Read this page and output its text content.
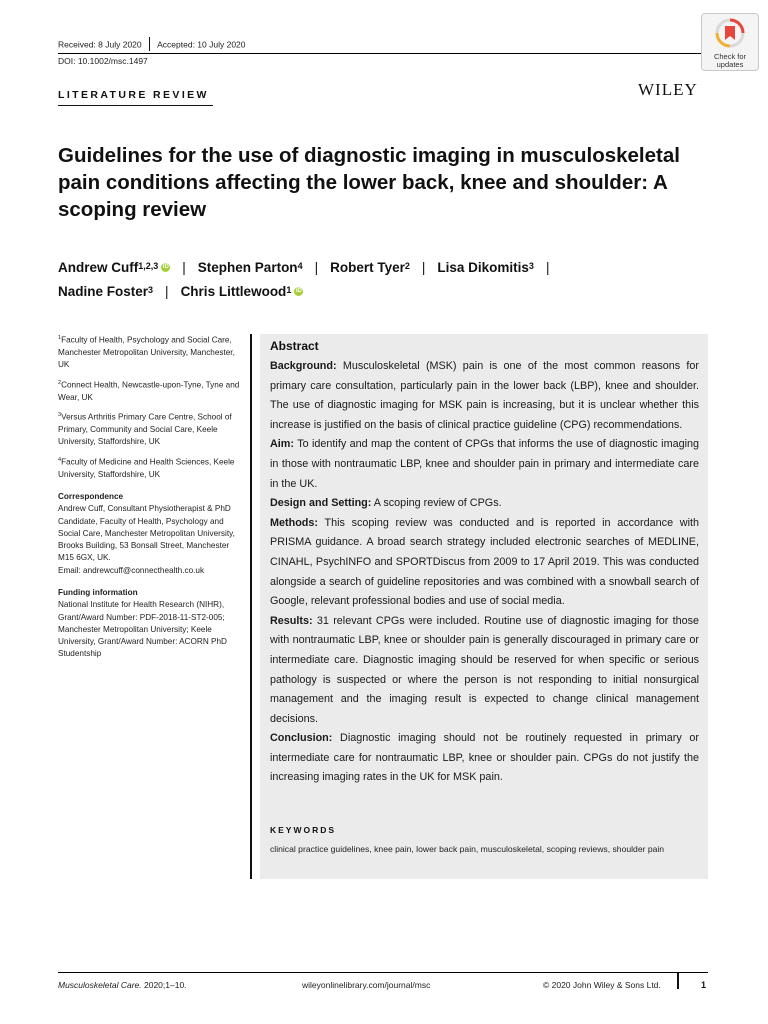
Received: 8 July 2020 Accepted: 10 July 2020
DOI: 10.1002/msc.1497	Check for
updates
LITERATURE REVIEW	WILEY
Guidelines for the use of diagnostic imaging in musculoskeletal pain conditions affecting the lower back, knee and shoulder: A scoping review
Andrew Cuff$^{1,2,3}$ iD | Stephen Parton$^4$ | Robert Tyer$^2$ | Lisa Dikomitis$^3$ |
Nadine Foster$^3$ | Chris Littlewood$^1$ iD

$^1$Faculty of Health, Psychology and Social Care, Manchester Metropolitan University, Manchester, UK

$^2$Connect Health, Newcastle-upon-Tyne, Tyne and Wear, UK

$^3$Versus Arthritis Primary Care Centre, School of Primary, Community and Social Care, Keele University, Staffordshire, UK

$^4$Faculty of Medicine and Health Sciences, Keele University, Staffordshire, UK

Correspondence

Andrew Cuff, Consultant Physiotherapist & PhD Candidate, Faculty of Health, Psychology and Social Care, Manchester Metropolitan University, Brooks Building, 53 Bonsall Street, Manchester M15 6GX, UK.
Email: andrewcuff@connecthealth.co.uk

Funding information

National Institute for Health Research (NIHR), Grant/Award Number: PDF-2018-11-ST2-005; Manchester Metropolitan University; Keele University, Grant/Award Number: ACORN PhD Studentship

Abstract

Background: Musculoskeletal (MSK) pain is one of the most common reasons for primary care consultation, particularly pain in the lower back (LBP), knee and shoulder. The use of diagnostic imaging for MSK pain is increasing, but it is unclear whether this increase is justified on the basis of clinical practice guideline (CPG) recommendations.

Aim: To identify and map the content of CPGs that informs the use of diagnostic imaging in those with nontraumatic LBP, knee and shoulder pain in primary and intermediate care in the UK.

Design and Setting: A scoping review of CPGs.

Methods: This scoping review was conducted and is reported in accordance with PRISMA guidance. A broad search strategy included electronic searches of MEDLINE, CINAHL, PsychINFO and SPORTDiscus from 2009 to 17 April 2019. This was conducted alongside a search of guideline repositories and was combined with a snowball search of Google, relevant professional bodies and use of social media.

Results: 31 relevant CPGs were included. Routine use of diagnostic imaging for those with nontraumatic LBP, knee or shoulder pain is generally discouraged in primary care or intermediate care. Diagnostic imaging should be reserved for when specific or serious pathology is suspected or where the person is not responding to initial nonsurgical management and the imaging result is expected to change clinical management decisions.

Conclusion: Diagnostic imaging should not be routinely requested in primary or intermediate care for nontraumatic LBP, knee or shoulder pain. CPGs do not justify the increasing imaging rates in the UK for MSK pain.

KEYWORDS
clinical practice guidelines, knee pain, lower back pain, musculoskeletal, scoping reviews, shoulder pain
Musculoskeletal Care. 2020;1–10.	wileyonlinelibrary.com/journal/msc	© 2020 John Wiley & Sons Ltd.	1
